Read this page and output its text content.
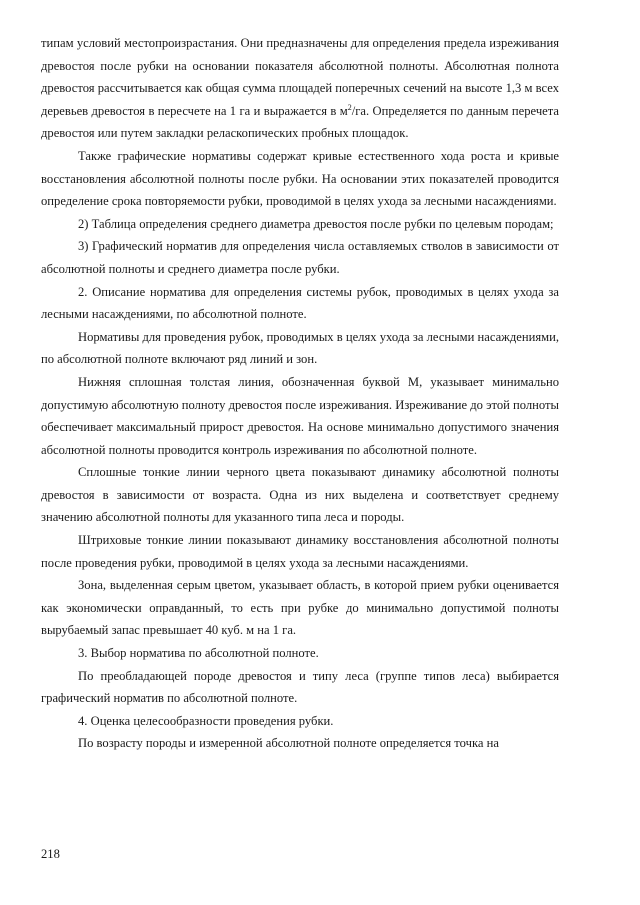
типам условий местопроизрастания. Они предназначены для определения предела изреживания древостоя после рубки на основании показателя абсолютной полноты. Абсолютная полнота древостоя рассчитывается как общая сумма площадей поперечных сечений на высоте 1,3 м всех деревьев древостоя в пересчете на 1 га и выражается в $м^2/га$. Определяется по данным перечета древостоя или путем закладки реласкопических пробных площадок.

Также графические нормативы содержат кривые естественного хода роста и кривые восстановления абсолютной полноты после рубки. На основании этих показателей проводится определение срока повторяемости рубки, проводимой в целях ухода за лесными насаждениями.

2) Таблица определения среднего диаметра древостоя после рубки по целевым породам;

3) Графический норматив для определения числа оставляемых стволов в зависимости от абсолютной полноты и среднего диаметра после рубки.

2. Описание норматива для определения системы рубок, проводимых в целях ухода за лесными насаждениями, по абсолютной полноте.

Нормативы для проведения рубок, проводимых в целях ухода за лесными насаждениями, по абсолютной полноте включают ряд линий и зон.

Нижняя сплошная толстая линия, обозначенная буквой М, указывает минимально допустимую абсолютную полноту древостоя после изреживания. Изреживание до этой полноты обеспечивает максимальный прирост древостоя. На основе минимально допустимого значения абсолютной полноты проводится контроль изреживания по абсолютной полноте.

Сплошные тонкие линии черного цвета показывают динамику абсолютной полноты древостоя в зависимости от возраста. Одна из них выделена и соответствует среднему значению абсолютной полноты для указанного типа леса и породы.

Штриховые тонкие линии показывают динамику восстановления абсолютной полноты после проведения рубки, проводимой в целях ухода за лесными насаждениями.

Зона, выделенная серым цветом, указывает область, в которой прием рубки оценивается как экономически оправданный, то есть при рубке до минимально допустимой полноты вырубаемый запас превышает 40 куб. м на 1 га.

3. Выбор норматива по абсолютной полноте.

По преобладающей породе древостоя и типу леса (группе типов леса) выбирается графический норматив по абсолютной полноте.

4. Оценка целесообразности проведения рубки.

По возрасту породы и измеренной абсолютной полноте определяется точка на

218
